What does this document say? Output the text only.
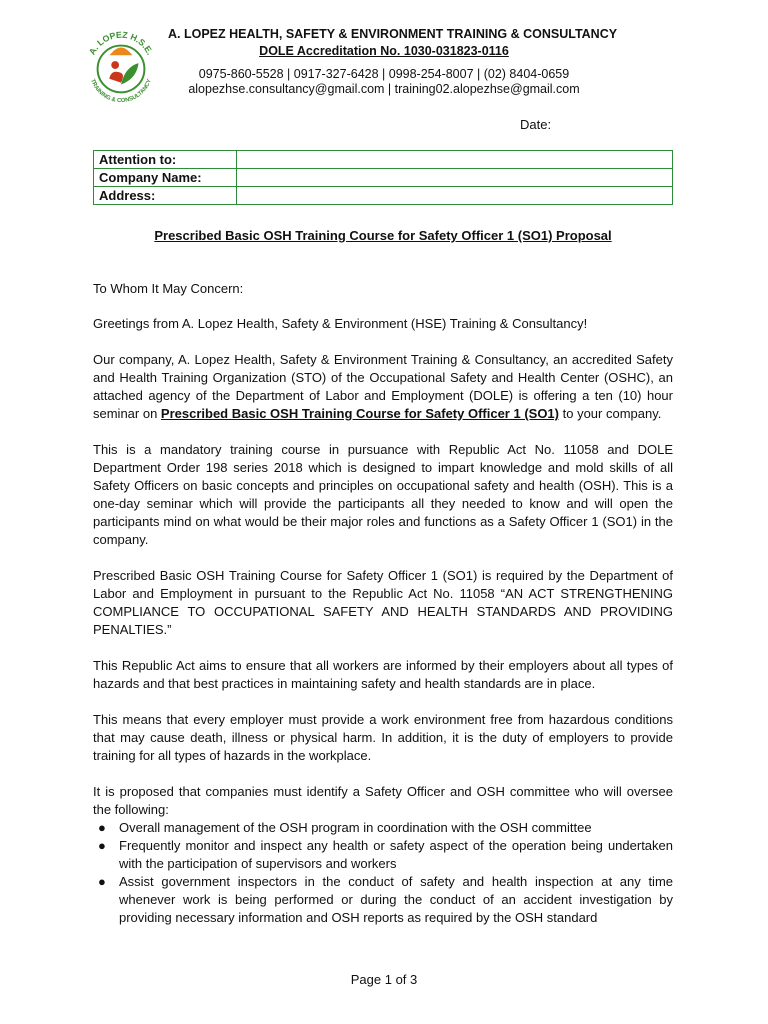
A. LOPEZ H.S.E.
TRAINING & CONSULTANCY
A. LOPEZ HEALTH, SAFETY & ENVIRONMENT TRAINING & CONSULTANCY
DOLE Accreditation No. 1030-031823-0116
0975-860-5528 | 0917-327-6428 | 0998-254-8007 | (02) 8404-0659
alopezhse.consultancy@gmail.com | training02.alopezhse@gmail.com
Date:
Attention to:	
Company Name:	
Address:	
Prescribed Basic OSH Training Course for Safety Officer 1 (SO1) Proposal

To Whom It May Concern:

Greetings from A. Lopez Health, Safety & Environment (HSE) Training & Consultancy!

Our company, A. Lopez Health, Safety & Environment Training & Consultancy, an accredited Safety and Health Training Organization (STO) of the Occupational Safety and Health Center (OSHC), an attached agency of the Department of Labor and Employment (DOLE) is offering a ten (10) hour seminar on Prescribed Basic OSH Training Course for Safety Officer 1 (SO1) to your company.

This is a mandatory training course in pursuance with Republic Act No. 11058 and DOLE Department Order 198 series 2018 which is designed to impart knowledge and mold skills of all Safety Officers on basic concepts and principles on occupational safety and health (OSH). This is a one-day seminar which will provide the participants all they needed to know and will open the participants mind on what would be their major roles and functions as a Safety Officer 1 (SO1) in the company.

Prescribed Basic OSH Training Course for Safety Officer 1 (SO1) is required by the Department of Labor and Employment in pursuant to the Republic Act No. 11058 “AN ACT STRENGTHENING COMPLIANCE TO OCCUPATIONAL SAFETY AND HEALTH STANDARDS AND PROVIDING PENALTIES.”

This Republic Act aims to ensure that all workers are informed by their employers about all types of hazards and that best practices in maintaining safety and health standards are in place.

This means that every employer must provide a work environment free from hazardous conditions that may cause death, illness or physical harm. In addition, it is the duty of employers to provide training for all types of hazards in the workplace.

It is proposed that companies must identify a Safety Officer and OSH committee who will oversee the following:

● Overall management of the OSH program in coordination with the OSH committee
● Frequently monitor and inspect any health or safety aspect of the operation being undertaken with the participation of supervisors and workers
● Assist government inspectors in the conduct of safety and health inspection at any time whenever work is being performed or during the conduct of an accident investigation by providing necessary information and OSH reports as required by the OSH standard
Page 1 of 3
